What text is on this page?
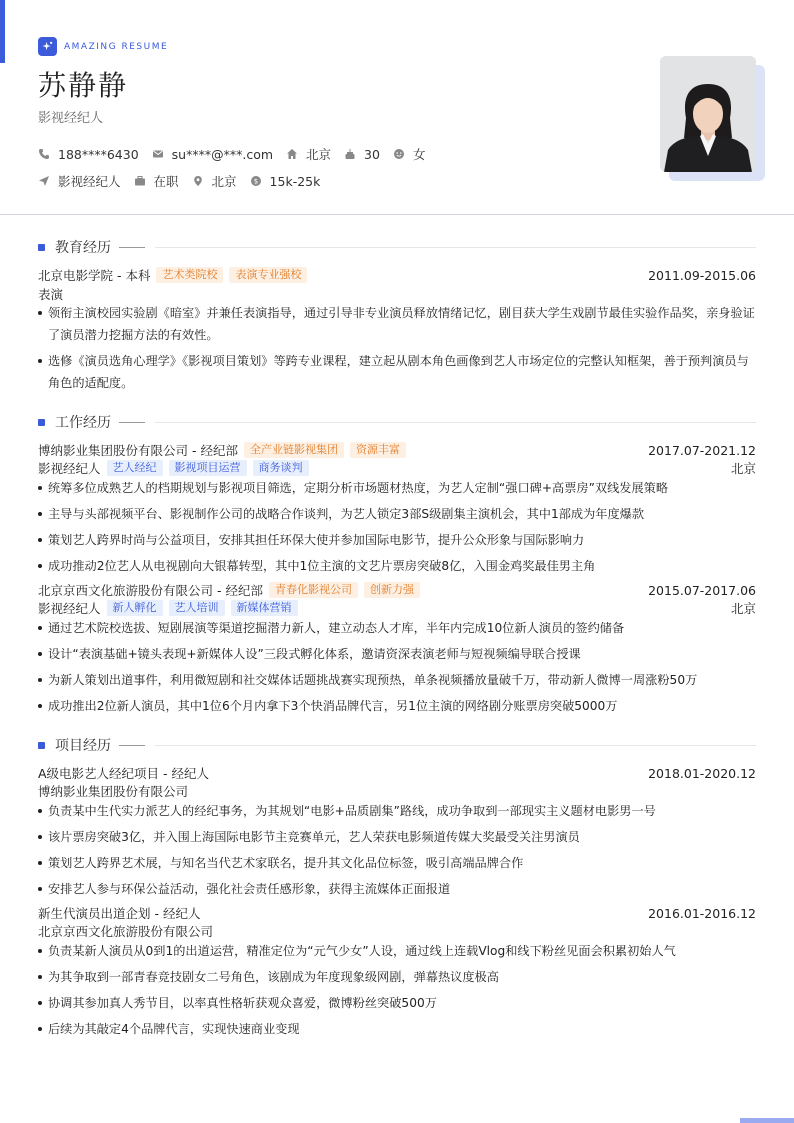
AMAZING RESUME
苏静静
影视经纪人
188****6430	su****@***.com	北京	30	女
影视经纪人	在职	北京 $ 15k-25k
教育经历
北京电影学院 - 本科	艺术类院校	表演专业强校	2011.09-2015.06
表演
领衔主演校园实验剧《暗室》并兼任表演指导，通过引导非专业演员释放情绪记忆，剧目获大学生戏剧节最佳实验作品奖，亲身验证
了演员潜力挖掘方法的有效性。
选修《演员选角心理学》《影视项目策划》等跨专业课程，建立起从剧本角色画像到艺人市场定位的完整认知框架，善于预判演员与
角色的适配度。
工作经历
博纳影业集团股份有限公司 - 经纪部	全产业链影视集团	资源丰富	2017.07-2021.12
影视经纪人	艺人经纪	影视项目运营	商务谈判	北京
统筹多位成熟艺人的档期规划与影视项目筛选，定期分析市场题材热度，为艺人定制“强口碑+高票房”双线发展策略
主导与头部视频平台、影视制作公司的战略合作谈判，为艺人锁定3部S级剧集主演机会，其中1部成为年度爆款
策划艺人跨界时尚与公益项目，安排其担任环保大使并参加国际电影节，提升公众形象与国际影响力
成功推动2位艺人从电视剧向大银幕转型，其中1位主演的文艺片票房突破8亿，入围金鸡奖最佳男主角
北京京西文化旅游股份有限公司 - 经纪部	青春化影视公司	创新力强	2015.07-2017.06
影视经纪人	新人孵化	艺人培训	新媒体营销	北京
通过艺术院校选拔、短剧展演等渠道挖掘潜力新人，建立动态人才库，半年内完成10位新人演员的签约储备
设计“表演基础+镜头表现+新媒体人设”三段式孵化体系，邀请资深表演老师与短视频编导联合授课
为新人策划出道事件，利用微短剧和社交媒体话题挑战赛实现预热，单条视频播放量破千万，带动新人微博一周涨粉50万
成功推出2位新人演员，其中1位6个月内拿下3个快消品牌代言，另1位主演的网络剧分账票房突破5000万
项目经历
A级电影艺人经纪项目 - 经纪人	2018.01-2020.12
博纳影业集团股份有限公司
负责某中生代实力派艺人的经纪事务，为其规划“电影+品质剧集”路线，成功争取到一部现实主义题材电影男一号
该片票房突破3亿，并入围上海国际电影节主竞赛单元，艺人荣获电影频道传媒大奖最受关注男演员
策划艺人跨界艺术展，与知名当代艺术家联名，提升其文化品位标签，吸引高端品牌合作
安排艺人参与环保公益活动，强化社会责任感形象，获得主流媒体正面报道
新生代演员出道企划 - 经纪人	2016.01-2016.12
北京京西文化旅游股份有限公司
负责某新人演员从0到1的出道运营，精准定位为“元气少女”人设，通过线上连载Vlog和线下粉丝见面会积累初始人气
为其争取到一部青春竞技剧女二号角色，该剧成为年度现象级网剧，弹幕热议度极高
协调其参加真人秀节目，以率真性格斩获观众喜爱，微博粉丝突破500万
后续为其敲定4个品牌代言，实现快速商业变现
